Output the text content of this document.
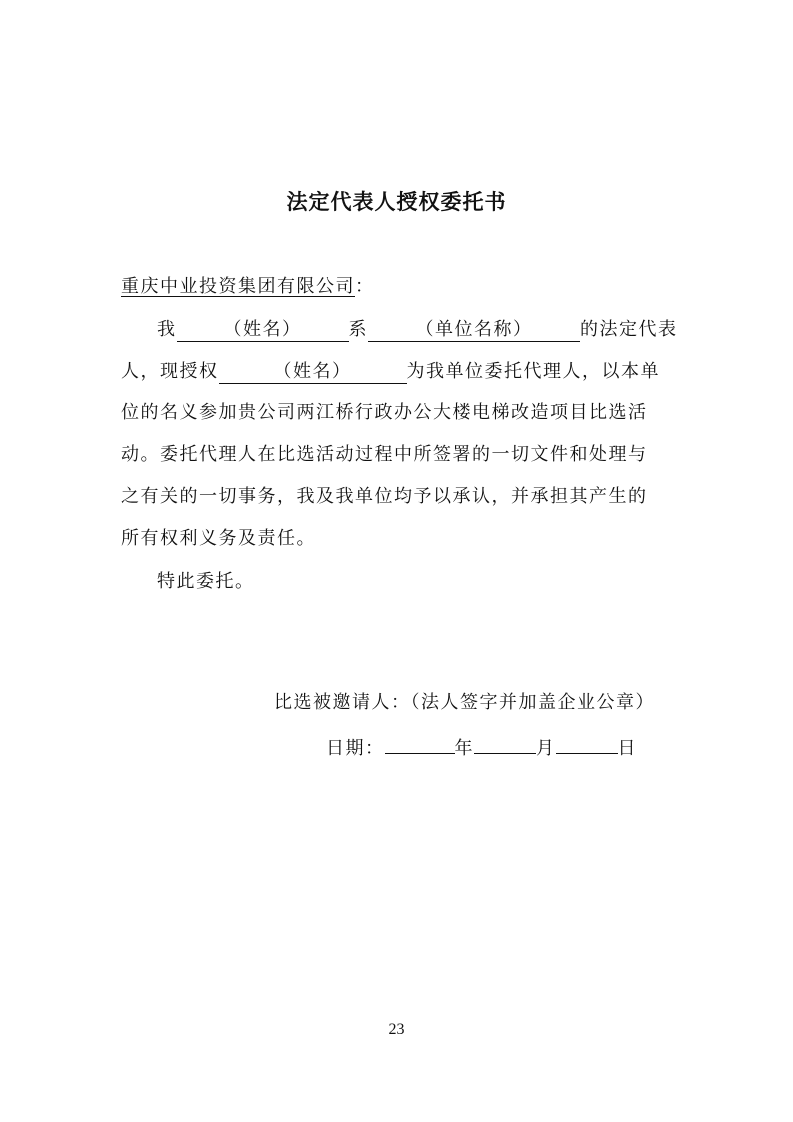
法定代表人授权委托书
重庆中业投资集团有限公司：
我	（姓名）	系	（单位名称）	的法定代表
人，现授权	（姓名）	为我单位委托代理人，以本单
位的名义参加贵公司两江桥行政办公大楼电梯改造项目比选活
动。委托代理人在比选活动过程中所签署的一切文件和处理与
之有关的一切事务，我及我单位均予以承认，并承担其产生的
所有权利义务及责任。
特此委托。
比选被邀请人：（法人签字并加盖企业公章）
日期：	年	月	日
23
